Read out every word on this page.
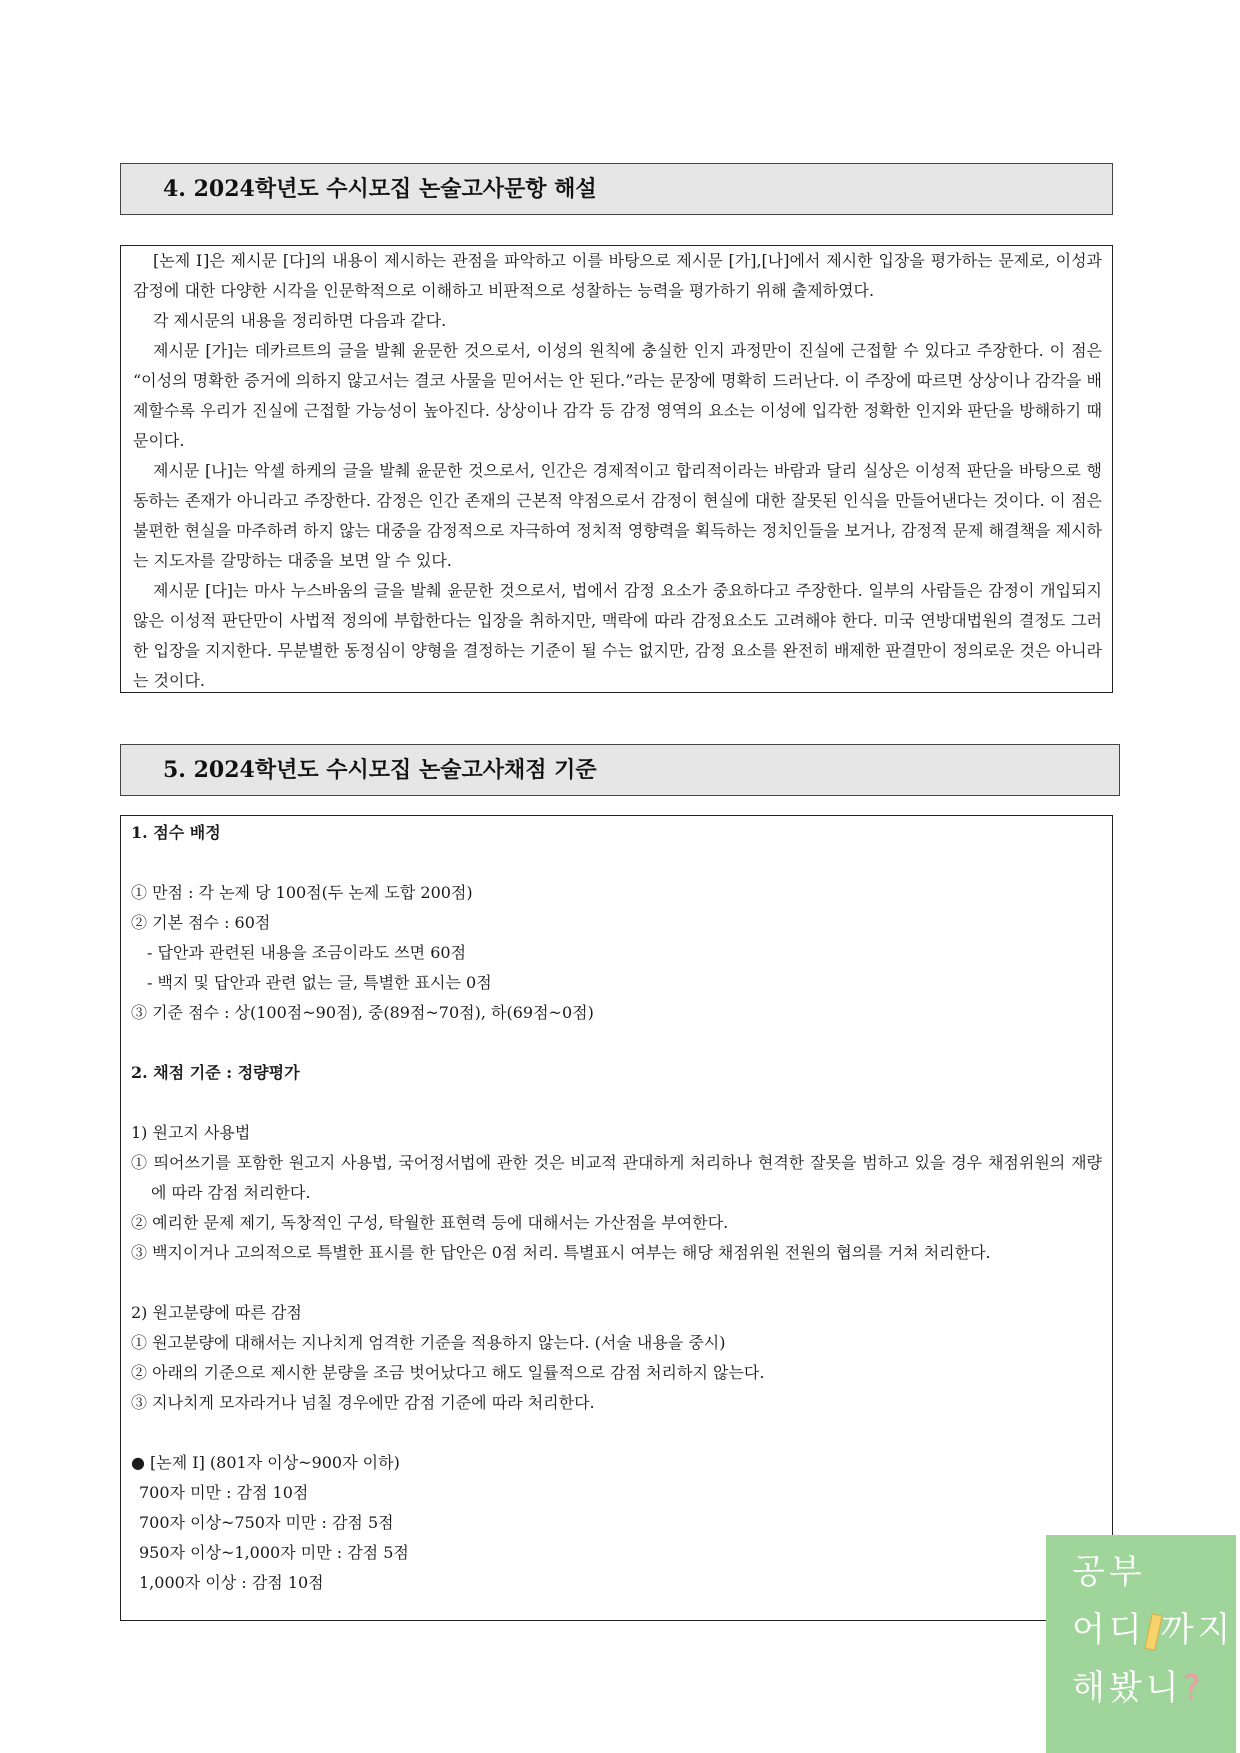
4. 2024학년도 수시모집 논술고사문항 해설

[논제 Ⅰ]은 제시문 [다]의 내용이 제시하는 관점을 파악하고 이를 바탕으로 제시문 [가],[나]에서 제시한 입장을 평가하는 문제로, 이성과 감정에 대한 다양한 시각을 인문학적으로 이해하고 비판적으로 성찰하는 능력을 평가하기 위해 출제하였다.

각 제시문의 내용을 정리하면 다음과 같다.

제시문 [가]는 데카르트의 글을 발췌 윤문한 것으로서, 이성의 원칙에 충실한 인지 과정만이 진실에 근접할 수 있다고 주장한다. 이 점은 “이성의 명확한 증거에 의하지 않고서는 결코 사물을 믿어서는 안 된다.”라는 문장에 명확히 드러난다. 이 주장에 따르면 상상이나 감각을 배제할수록 우리가 진실에 근접할 가능성이 높아진다. 상상이나 감각 등 감정 영역의 요소는 이성에 입각한 정확한 인지와 판단을 방해하기 때문이다.

제시문 [나]는 악셀 하케의 글을 발췌 윤문한 것으로서, 인간은 경제적이고 합리적이라는 바람과 달리 실상은 이성적 판단을 바탕으로 행동하는 존재가 아니라고 주장한다. 감정은 인간 존재의 근본적 약점으로서 감정이 현실에 대한 잘못된 인식을 만들어낸다는 것이다. 이 점은 불편한 현실을 마주하려 하지 않는 대중을 감정적으로 자극하여 정치적 영향력을 획득하는 정치인들을 보거나, 감정적 문제 해결책을 제시하는 지도자를 갈망하는 대중을 보면 알 수 있다.

제시문 [다]는 마사 누스바움의 글을 발췌 윤문한 것으로서, 법에서 감정 요소가 중요하다고 주장한다. 일부의 사람들은 감정이 개입되지 않은 이성적 판단만이 사법적 정의에 부합한다는 입장을 취하지만, 맥락에 따라 감정요소도 고려해야 한다. 미국 연방대법원의 결정도 그러한 입장을 지지한다. 무분별한 동정심이 양형을 결정하는 기준이 될 수는 없지만, 감정 요소를 완전히 배제한 판결만이 정의로운 것은 아니라는 것이다.

5. 2024학년도 수시모집 논술고사채점 기준
1. 점수 배정
① 만점 : 각 논제 당 100점(두 논제 도합 200점)
② 기본 점수 : 60점
- 답안과 관련된 내용을 조금이라도 쓰면 60점
- 백지 및 답안과 관련 없는 글, 특별한 표시는 0점
③ 기준 점수 : 상(100점~90점), 중(89점~70점), 하(69점~0점)
2. 채점 기준 : 정량평가
1) 원고지 사용법
① 띄어쓰기를 포함한 원고지 사용법, 국어정서법에 관한 것은 비교적 관대하게 처리하나 현격한 잘못을 범하고 있을 경우 채점위원의 재량에 따라 감점 처리한다.
② 예리한 문제 제기, 독창적인 구성, 탁월한 표현력 등에 대해서는 가산점을 부여한다.
③ 백지이거나 고의적으로 특별한 표시를 한 답안은 0점 처리. 특별표시 여부는 해당 채점위원 전원의 협의를 거쳐 처리한다.
2) 원고분량에 따른 감점
① 원고분량에 대해서는 지나치게 엄격한 기준을 적용하지 않는다. (서술 내용을 중시)
② 아래의 기준으로 제시한 분량을 조금 벗어났다고 해도 일률적으로 감점 처리하지 않는다.
③ 지나치게 모자라거나 넘칠 경우에만 감점 기준에 따라 처리한다.
● [논제 Ⅰ] (801자 이상~900자 이하)
700자 미만 : 감점 10점
700자 이상~750자 미만 : 감점 5점
950자 이상~1,000자 미만 : 감점 5점
1,000자 이상 : 감점 10점	공부
어디 까지
해봤니?
